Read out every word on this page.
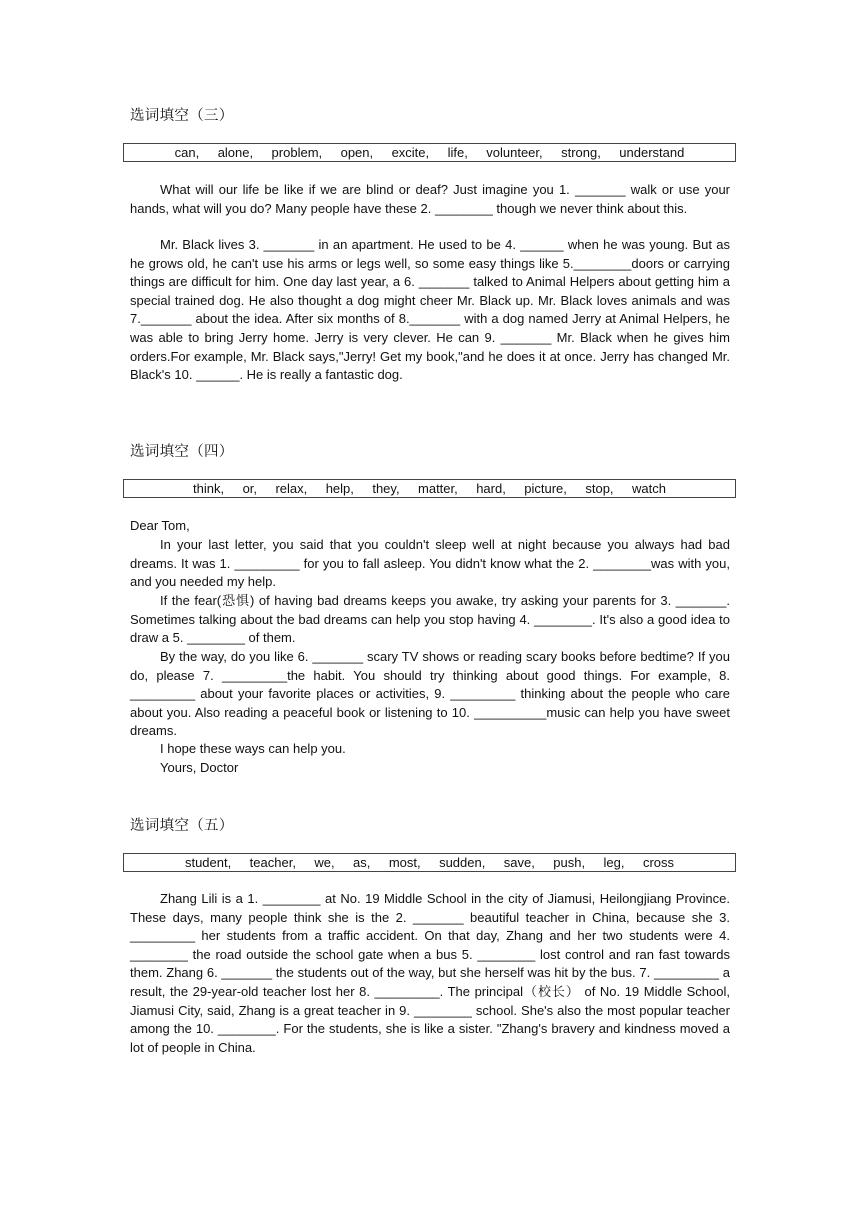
选词填空（三）
can,    alone,    problem,    open,    excite,    life,    volunteer,    strong,    understand

What will our life be like if we are blind or deaf? Just imagine you 1. _______ walk or use your hands, what will you do? Many people have these 2. ________ though we never think about this.

Mr. Black lives 3. _______ in an apartment. He used to be 4. ______ when he was young. But as he grows old, he can't use his arms or legs well, so some easy things like 5.________doors or carrying things are difficult for him. One day last year, a 6. _______ talked to Animal Helpers about getting him a special trained dog. He also thought a dog might cheer Mr. Black up. Mr. Black loves animals and was 7._______ about the idea. After six months of 8._______ with a dog named Jerry at Animal Helpers, he was able to bring Jerry home. Jerry is very clever. He can 9. _______ Mr. Black when he gives him orders.For example, Mr. Black says,"Jerry! Get my book,"and he does it at once. Jerry has changed Mr. Black's 10. ______. He is really a fantastic dog.

选词填空（四）
think,    or,    relax,    help,    they,    matter,    hard,    picture,    stop,    watch

Dear Tom,

In your last letter, you said that you couldn't sleep well at night because you always had bad dreams. It was 1. _________ for you to fall asleep. You didn't know what the 2. ________was with you, and you needed my help.

If the fear(恐惧) of having bad dreams keeps you awake, try asking your parents for 3. _______. Sometimes talking about the bad dreams can help you stop having 4. ________. It's also a good idea to draw a 5. ________ of them.

By the way, do you like 6. _______ scary TV shows or reading scary books before bedtime? If you do, please 7. _________the habit. You should try thinking about good things. For example, 8. _________ about your favorite places or activities, 9. _________ thinking about the people who care about you. Also reading a peaceful book or listening to 10. __________music can help you have sweet dreams.

I hope these ways can help you.

Yours, Doctor

选词填空（五）
student,    teacher,    we,    as,    most,    sudden,    save,    push,    leg,    cross

Zhang Lili is a 1. ________ at No. 19 Middle School in the city of Jiamusi, Heilongjiang Province. These days, many people think she is the 2. _______ beautiful teacher in China, because she 3. _________ her students from a traffic accident. On that day, Zhang and her two students were 4. ________ the road outside the school gate when a bus 5. ________ lost control and ran fast towards them. Zhang 6. _______ the students out of the way, but she herself was hit by the bus. 7. _________ a result, the 29-year-old teacher lost her 8. _________. The principal（校长） of No. 19 Middle School, Jiamusi City, said, Zhang is a great teacher in 9. ________ school. She's also the most popular teacher among the 10. ________. For the students, she is like a sister. "Zhang's bravery and kindness moved a lot of people in China.
